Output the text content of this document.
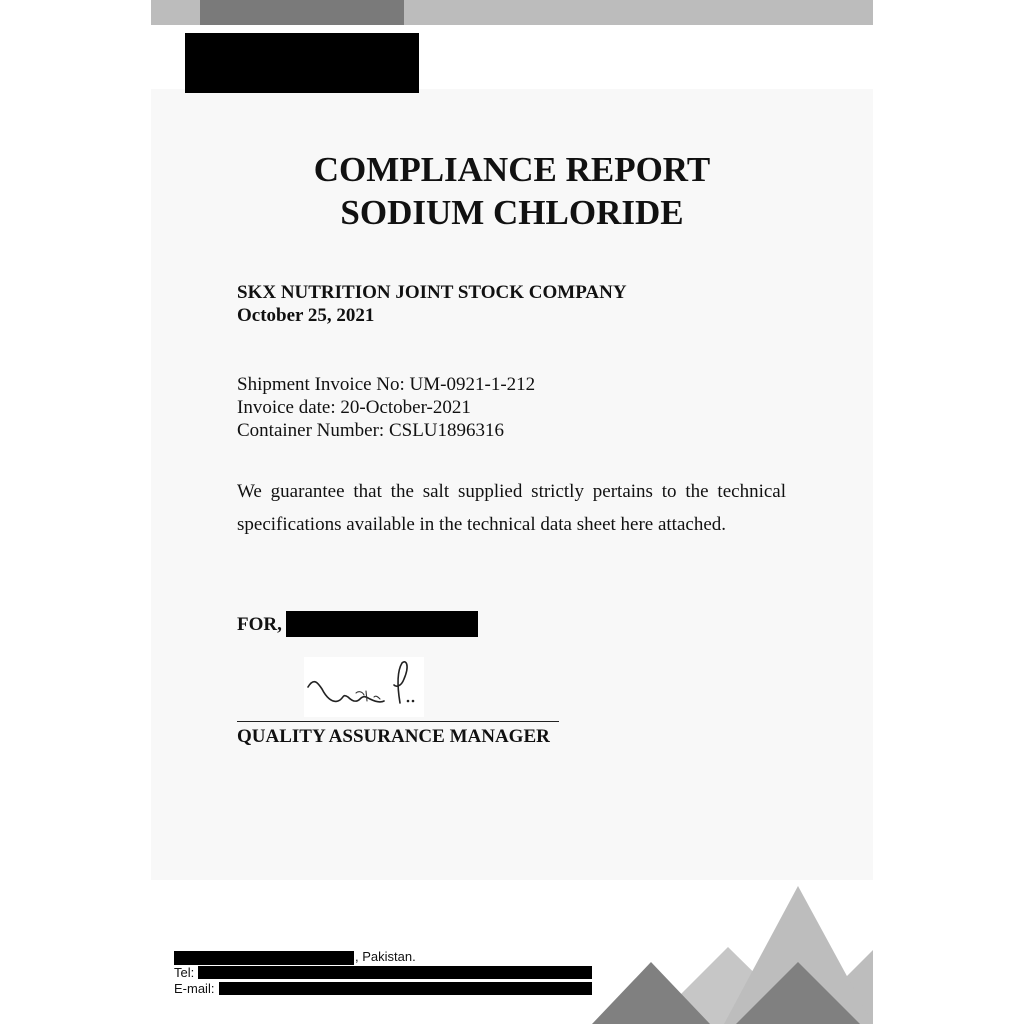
COMPLIANCE REPORT
SODIUM CHLORIDE
SKX NUTRITION JOINT STOCK COMPANY
October 25, 2021
Shipment Invoice No: UM-0921-1-212
Invoice date: 20-October-2021
Container Number: CSLU1896316
We guarantee that the salt supplied strictly pertains to the technical specifications available in the technical data sheet here attached.
FOR,
QUALITY ASSURANCE MANAGER
, Pakistan.
Tel:
E-mail:
